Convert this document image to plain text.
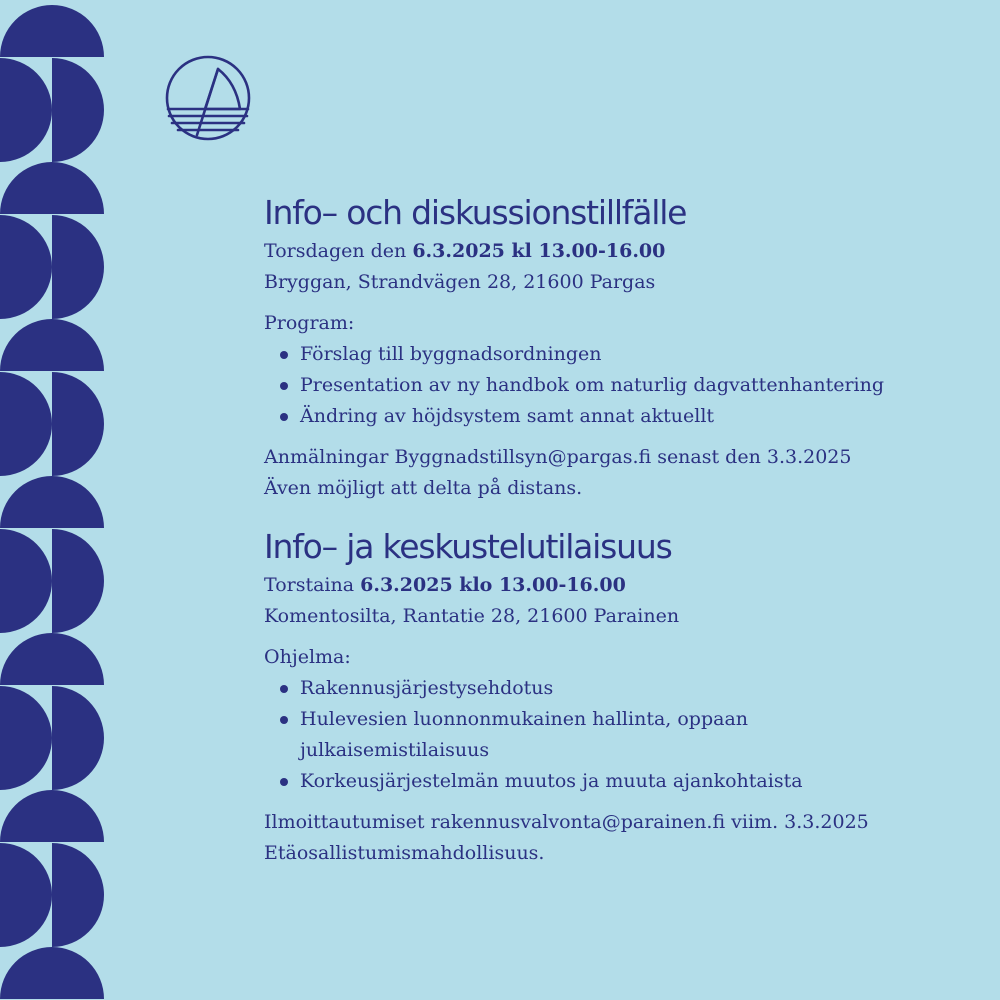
Info– och diskussionstillfälle
Torsdagen den 6.3.2025 kl 13.00-16.00
Bryggan, Strandvägen 28, 21600 Pargas
Program:
Förslag till byggnadsordningen
Presentation av ny handbok om naturlig dagvattenhantering
Ändring av höjdsystem samt annat aktuellt
Anmälningar Byggnadstillsyn@pargas.fi senast den 3.3.2025
Även möjligt att delta på distans.
Info– ja keskustelutilaisuus
Torstaina 6.3.2025 klo 13.00-16.00
Komentosilta, Rantatie 28, 21600 Parainen
Ohjelma:
Rakennusjärjestysehdotus
Hulevesien luonnonmukainen hallinta, oppaan julkaisemistilaisuus
Korkeusjärjestelmän muutos ja muuta ajankohtaista
Ilmoittautumiset rakennusvalvonta@parainen.fi viim. 3.3.2025
Etäosallistumismahdollisuus.
